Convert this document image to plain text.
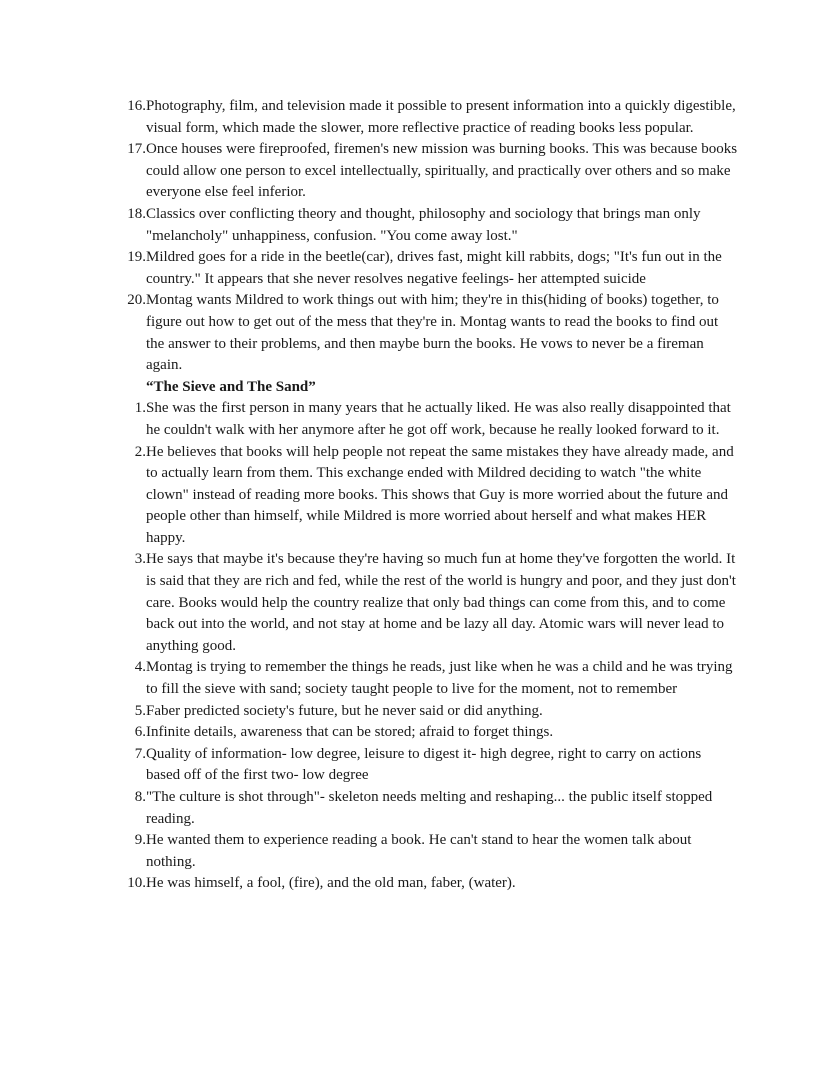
16. Photography, film, and television made it possible to present information into a quickly digestible, visual form, which made the slower, more reflective practice of reading books less popular.
17. Once houses were fireproofed, firemen's new mission was burning books. This was because books could allow one person to excel intellectually, spiritually, and practically over others and so make everyone else feel inferior.
18. Classics over conflicting theory and thought, philosophy and sociology that brings man only "melancholy" unhappiness, confusion. "You come away lost."
19. Mildred goes for a ride in the beetle(car), drives fast, might kill rabbits, dogs; "It's fun out in the country." It appears that she never resolves negative feelings- her attempted suicide
20. Montag wants Mildred to work things out with him; they're in this(hiding of books) together, to figure out how to get out of the mess that they're in. Montag wants to read the books to find out the answer to their problems, and then maybe burn the books. He vows to never be a fireman again.
“The Sieve and The Sand”
1. She was the first person in many years that he actually liked. He was also really disappointed that he couldn't walk with her anymore after he got off work, because he really looked forward to it.
2. He believes that books will help people not repeat the same mistakes they have already made, and to actually learn from them. This exchange ended with Mildred deciding to watch "the white clown" instead of reading more books. This shows that Guy is more worried about the future and people other than himself, while Mildred is more worried about herself and what makes HER happy.
3. He says that maybe it's because they're having so much fun at home they've forgotten the world. It is said that they are rich and fed, while the rest of the world is hungry and poor, and they just don't care. Books would help the country realize that only bad things can come from this, and to come back out into the world, and not stay at home and be lazy all day. Atomic wars will never lead to anything good.
4. Montag is trying to remember the things he reads, just like when he was a child and he was trying to fill the sieve with sand; society taught people to live for the moment, not to remember
5. Faber predicted society's future, but he never said or did anything.
6. Infinite details, awareness that can be stored; afraid to forget things.
7. Quality of information- low degree, leisure to digest it- high degree, right to carry on actions based off of the first two- low degree
8. "The culture is shot through"- skeleton needs melting and reshaping... the public itself stopped reading.
9. He wanted them to experience reading a book. He can't stand to hear the women talk about nothing.
10. He was himself, a fool, (fire), and the old man, faber, (water).
